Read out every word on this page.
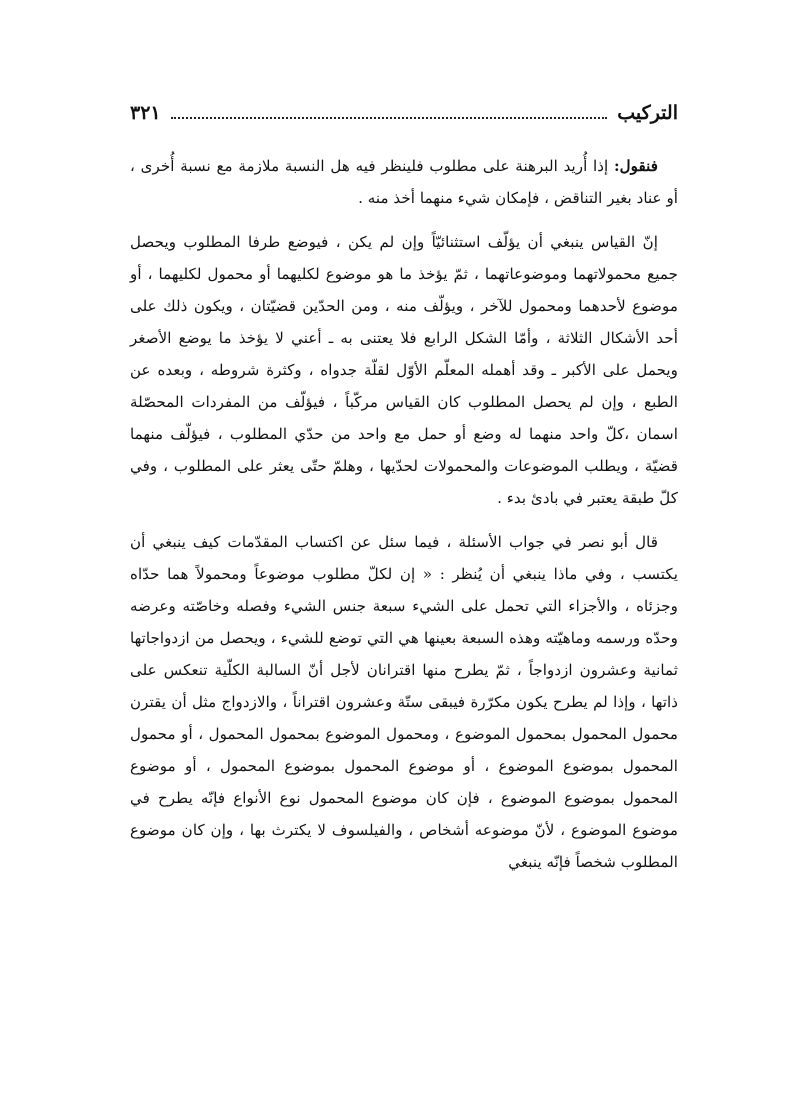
التركيب
٣٢١

فنقول: إذا أُريد البرهنة على مطلوب فلينظر فيه هل النسبة ملازمة مع نسبة أُخرى ، أو عناد بغير التناقض ، فإمكان شيء منهما أخذ منه .

إنّ القياس ينبغي أن يؤلّف استثنائيّاً وإن لم يكن ، فيوضع طرفا المطلوب ويحصل جميع محمولاتهما وموضوعاتهما ، ثمّ يؤخذ ما هو موضوع لكليهما أو محمول لكليهما ، أو موضوع لأحدهما ومحمول للآخر ، ويؤلّف منه ، ومن الحدّين قضيّتان ، ويكون ذلك على أحد الأشكال الثلاثة ، وأمّا الشكل الرابع فلا يعتنى به ـ أعني لا يؤخذ ما يوضع الأصغر ويحمل على الأكبر ـ وقد أهمله المعلّم الأوّل لقلّة جدواه ، وكثرة شروطه ، وبعده عن الطبع ، وإن لم يحصل المطلوب كان القياس مركّباً ، فيؤلّف من المفردات المحصّلة اسمان ،كلّ واحد منهما له وضع أو حمل مع واحد من حدّي المطلوب ، فيؤلّف منهما قضيّة ، ويطلب الموضوعات والمحمولات لحدّيها ، وهلمّ حتّى يعثر على المطلوب ، وفي كلّ طبقة يعتبر في بادئ بدء .

قال أبو نصر في جواب الأسئلة ، فيما سئل عن اكتساب المقدّمات كيف ينبغي أن يكتسب ، وفي ماذا ينبغي أن يُنظر : « إن لكلّ مطلوب موضوعاً ومحمولاً هما حدّاه وجزئاه ، والأجزاء التي تحمل على الشيء سبعة جنس الشيء وفصله وخاصّته وعرضه وحدّه ورسمه وماهيّته وهذه السبعة بعينها هي التي توضع للشيء ، ويحصل من ازدواجاتها ثمانية وعشرون ازدواجاً ، ثمّ يطرح منها اقترانان لأجل أنّ السالبة الكلّية تنعكس على ذاتها ، وإذا لم يطرح يكون مكرّرة فيبقى ستّة وعشرون اقتراناً ، والازدواج مثل أن يقترن محمول المحمول بمحمول الموضوع ، ومحمول الموضوع بمحمول المحمول ، أو محمول المحمول بموضوع الموضوع ، أو موضوع المحمول بموضوع المحمول ، أو موضوع المحمول بموضوع الموضوع ، فإن كان موضوع المحمول نوع الأنواع فإنّه يطرح في موضوع الموضوع ، لأنّ موضوعه أشخاص ، والفيلسوف لا يكترث بها ، وإن كان موضوع المطلوب شخصاً فإنّه ينبغي
